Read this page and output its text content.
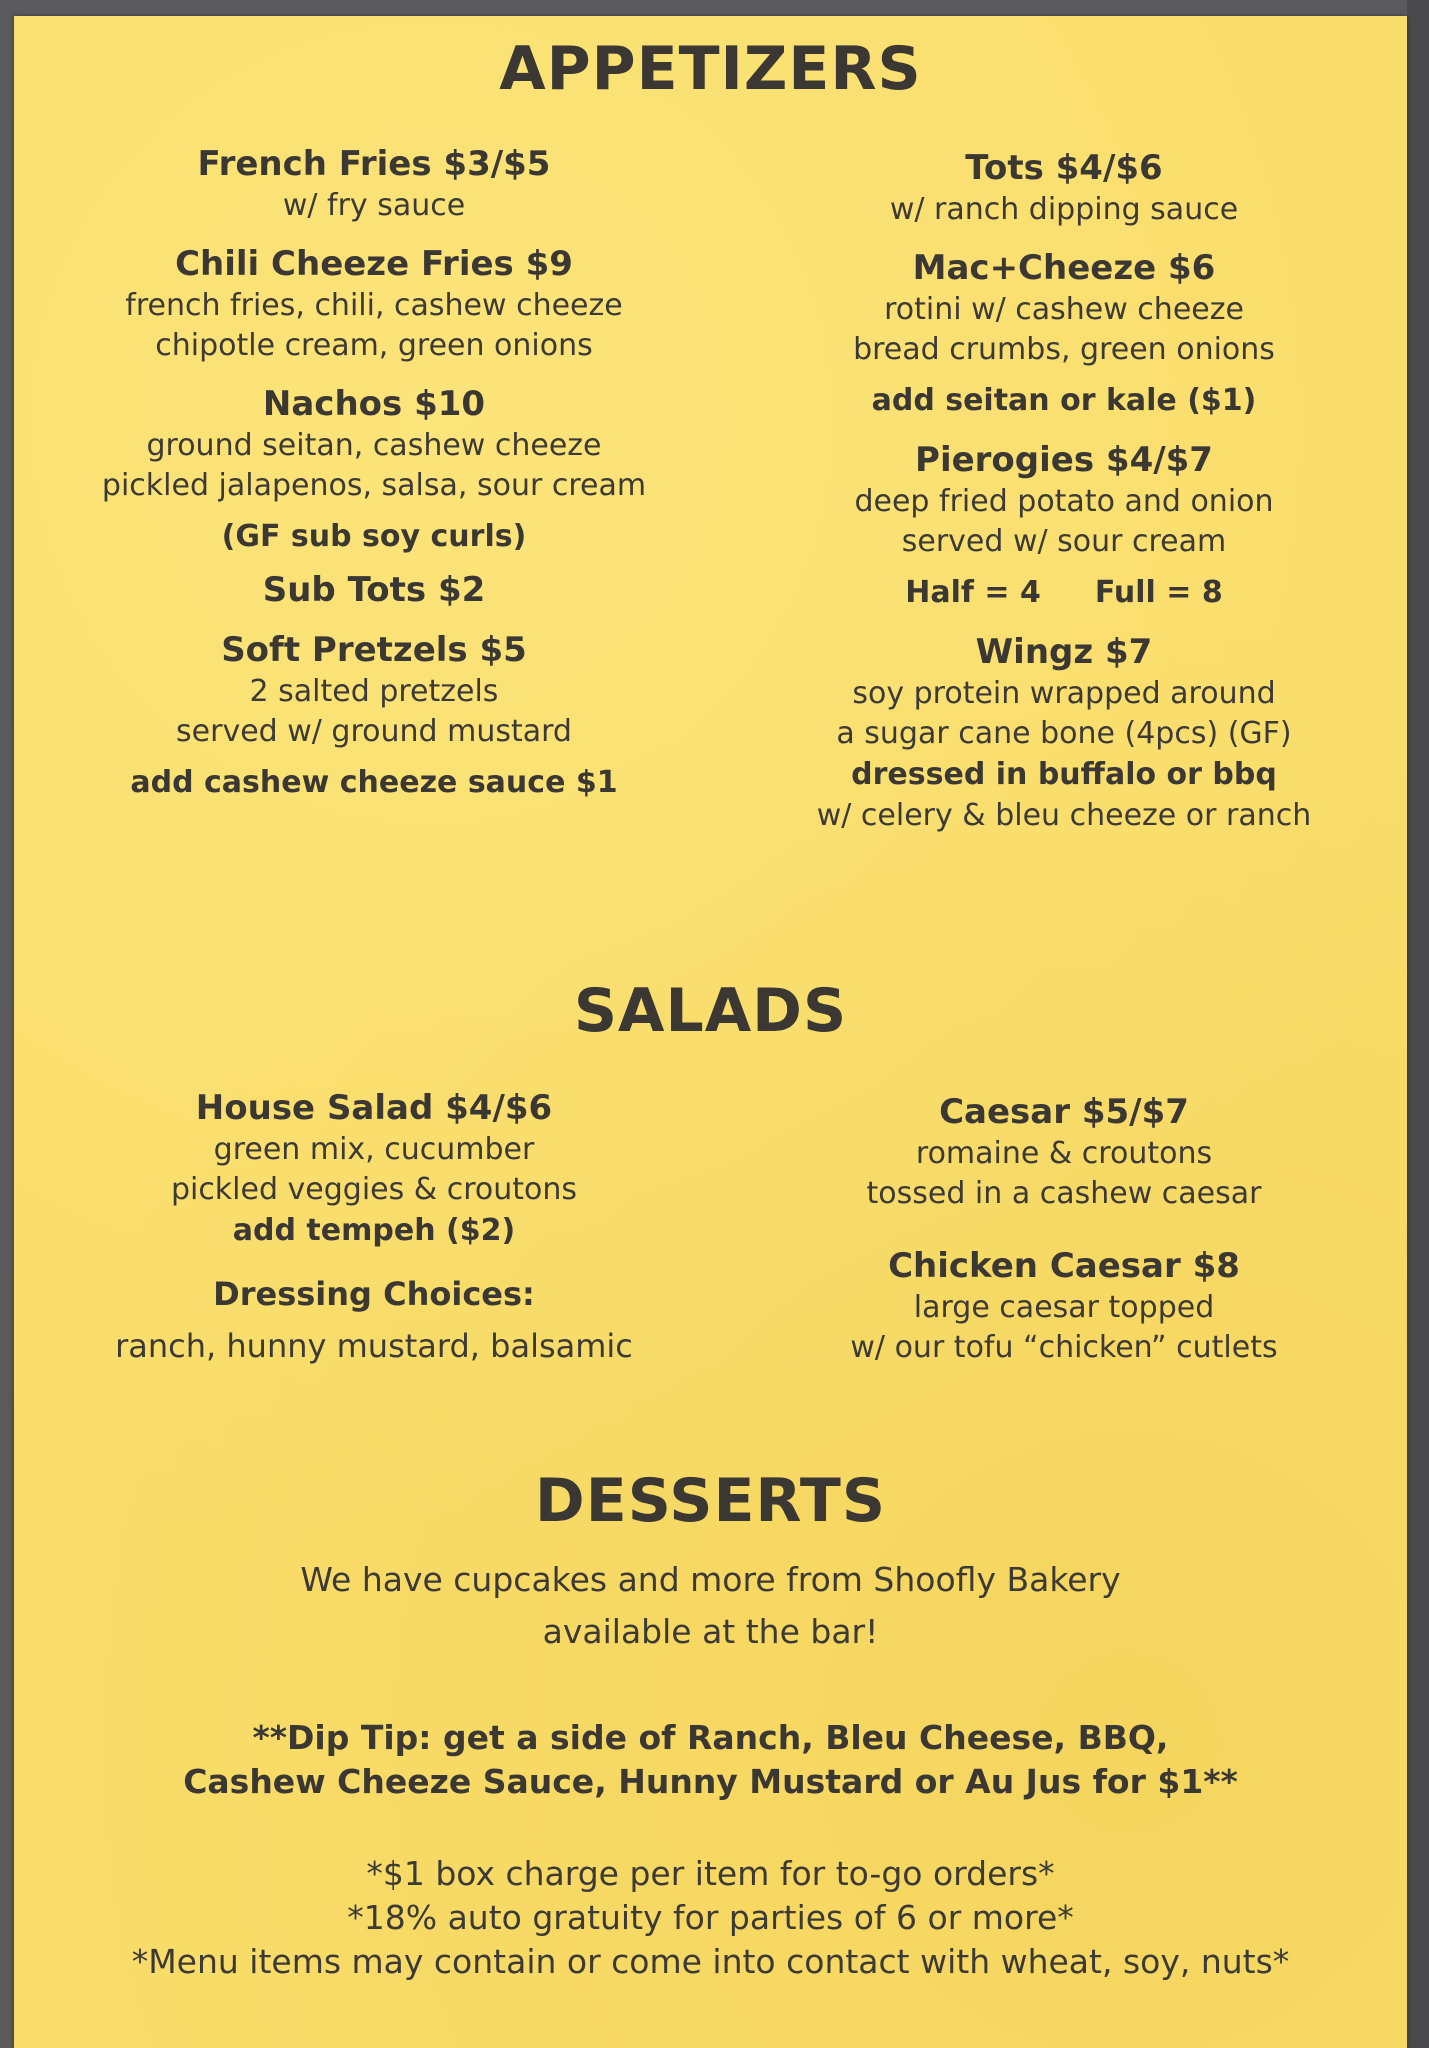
APPETIZERS
French Fries $3/$5
w/ fry sauce
Chili Cheeze Fries $9
french fries, chili, cashew cheeze
chipotle cream, green onions
Nachos $10
ground seitan, cashew cheeze
pickled jalapenos, salsa, sour cream
(GF sub soy curls)
Sub Tots $2
Soft Pretzels $5
2 salted pretzels
served w/ ground mustard
add cashew cheeze sauce $1
Tots $4/$6
w/ ranch dipping sauce
Mac+Cheeze $6
rotini w/ cashew cheeze
bread crumbs, green onions
add seitan or kale ($1)
Pierogies $4/$7
deep fried potato and onion
served w/ sour cream
Half = 4 Full = 8
Wingz $7
soy protein wrapped around
a sugar cane bone (4pcs) (GF)
dressed in buffalo or bbq
w/ celery & bleu cheeze or ranch
SALADS
House Salad $4/$6
green mix, cucumber
pickled veggies & croutons
add tempeh ($2)
Dressing Choices:
ranch, hunny mustard, balsamic
Caesar $5/$7
romaine & croutons
tossed in a cashew caesar
Chicken Caesar $8
large caesar topped
w/ our tofu “chicken” cutlets
DESSERTS
We have cupcakes and more from Shoofly Bakery
available at the bar!
**Dip Tip: get a side of Ranch, Bleu Cheese, BBQ,
Cashew Cheeze Sauce, Hunny Mustard or Au Jus for $1**
*$1 box charge per item for to-go orders*
*18% auto gratuity for parties of 6 or more*
*Menu items may contain or come into contact with wheat, soy, nuts*
